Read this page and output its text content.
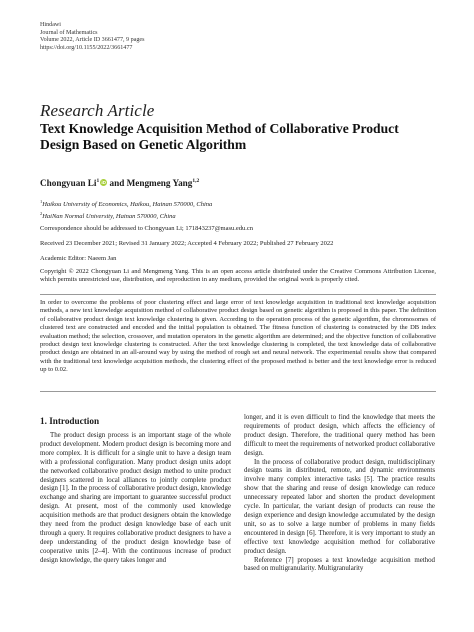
Hindawi
Journal of Mathematics
Volume 2022, Article ID 3661477, 9 pages
https://doi.org/10.1155/2022/3661477
Research Article
Text Knowledge Acquisition Method of Collaborative Product Design Based on Genetic Algorithm
Chongyuan Li$^1$ iD and Mengmeng Yang$^{1,2}$
$^1$Haikou University of Economics, Haikou, Hainan 570000, China
$^2$HaiNan Normal University, Hainan 570000, China
Correspondence should be addressed to Chongyuan Li; 171843237@masu.edu.cn
Received 23 December 2021; Revised 31 January 2022; Accepted 4 February 2022; Published 27 February 2022
Academic Editor: Naeem Jan
Copyright © 2022 Chongyuan Li and Mengmeng Yang. This is an open access article distributed under the Creative Commons Attribution License, which permits unrestricted use, distribution, and reproduction in any medium, provided the original work is properly cited.
In order to overcome the problems of poor clustering effect and large error of text knowledge acquisition in traditional text knowledge acquisition methods, a new text knowledge acquisition method of collaborative product design based on genetic algorithm is proposed in this paper. The definition of collaborative product design text knowledge clustering is given. According to the operation process of the genetic algorithm, the chromosomes of clustered text are constructed and encoded and the initial population is obtained. The fitness function of clustering is constructed by the DB index evaluation method; the selection, crossover, and mutation operators in the genetic algorithm are determined; and the objective function of collaborative product design text knowledge clustering is constructed. After the text knowledge clustering is completed, the text knowledge data of collaborative product design are obtained in an all-around way by using the method of rough set and neural network. The experimental results show that compared with the traditional text knowledge acquisition methods, the clustering effect of the proposed method is better and the text knowledge error is reduced up to 0.02.
1. Introduction

The product design process is an important stage of the whole product development. Modern product design is becoming more and more complex. It is difficult for a single unit to have a design team with a professional configuration. Many product design units adopt the networked collaborative product design method to unite product designers scattered in local alliances to jointly complete product design [1]. In the process of collaborative product design, knowledge exchange and sharing are important to guarantee successful product design. At present, most of the commonly used knowledge acquisition methods are that product designers obtain the knowledge they need from the product design knowledge base of each unit through a query. It requires collaborative product designers to have a deep understanding of the product design knowledge base of cooperative units [2–4]. With the continuous increase of product design knowledge, the query takes longer and

longer, and it is even difficult to find the knowledge that meets the requirements of product design, which affects the efficiency of product design. Therefore, the traditional query method has been difficult to meet the requirements of networked product collaborative design.

In the process of collaborative product design, multidisciplinary design teams in distributed, remote, and dynamic environments involve many complex interactive tasks [5]. The practice results show that the sharing and reuse of design knowledge can reduce unnecessary repeated labor and shorten the product development cycle. In particular, the variant design of products can reuse the design experience and design knowledge accumulated by the design unit, so as to solve a large number of problems in many fields encountered in design [6]. Therefore, it is very important to study an effective text knowledge acquisition method for collaborative product design.

Reference [7] proposes a text knowledge acquisition method based on multigranularity. Multigranularity
